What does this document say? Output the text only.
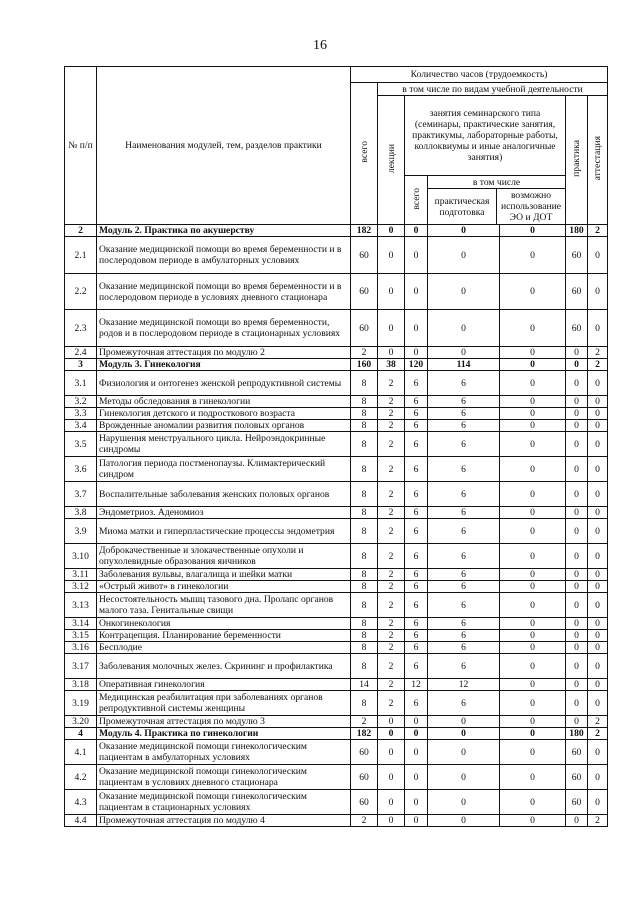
16
№ п/п	Наименования модулей, тем, разделов практики	Количество часов (трудоемкость)
всего	в том числе по видам учебной деятельности
лекции	занятия семинарского типа (семинары, практические занятия, практикумы, лабораторные работы, коллоквиумы и иные аналогичные занятия)	практика	аттестация
всего	
в том числе
практическая подготовка	возможно использование ЭО и ДОТ

2	Модуль 2. Практика по акушерству	182	0	0	0	0	180	2
2.1	Оказание медицинской помощи во время беременности и в послеродовом периоде в амбулаторных условиях	60	0	0	0	0	60	0
2.2	Оказание медицинской помощи во время беременности и в послеродовом периоде в условиях дневного стационара	60	0	0	0	0	60	0
2.3	Оказание медицинской помощи во время беременности, родов и в послеродовом периоде в стационарных условиях	60	0	0	0	0	60	0
2.4	Промежуточная аттестация по модулю 2	2	0	0	0	0	0	2
3	Модуль 3. Гинекология	160	38	120	114	0	0	2
3.1	Физиология и онтогенез женской репродуктивной системы	8	2	6	6	0	0	0
3.2	Методы обследования в гинекологии	8	2	6	6	0	0	0
3.3	Гинекология детского и подросткового возраста	8	2	6	6	0	0	0
3.4	Врожденные аномалии развития половых органов	8	2	6	6	0	0	0
3.5	Нарушения менструального цикла. Нейроэндокринные синдромы	8	2	6	6	0	0	0
3.6	Патология периода постменопаузы. Климактерический синдром	8	2	6	6	0	0	0
3.7	Воспалительные заболевания женских половых органов	8	2	6	6	0	0	0
3.8	Эндометриоз. Аденомиоз	8	2	6	6	0	0	0
3.9	Миома матки и гиперпластические процессы эндометрия	8	2	6	6	0	0	0
3.10	Доброкачественные и злокачественные опухоли и опухолевидные образования яичников	8	2	6	6	0	0	0
3.11	Заболевания вульвы, влагалища и шейки матки	8	2	6	6	0	0	0
3.12	«Острый живот» в гинекологии	8	2	6	6	0	0	0
3.13	Несостоятельность мышц тазового дна. Пролапс органов малого таза. Генитальные свищи	8	2	6	6	0	0	0
3.14	Онкогинекология	8	2	6	6	0	0	0
3.15	Контрацепция. Планирование беременности	8	2	6	6	0	0	0
3.16	Бесплодие	8	2	6	6	0	0	0
3.17	Заболевания молочных желез. Скрининг и профилактика	8	2	6	6	0	0	0
3.18	Оперативная гинекология	14	2	12	12	0	0	0
3.19	Медицинская реабилитация при заболеваниях органов репродуктивной системы женщины	8	2	6	6	0	0	0
3.20	Промежуточная аттестация по модулю 3	2	0	0	0	0	0	2
4	Модуль 4. Практика по гинекологии	182	0	0	0	0	180	2
4.1	Оказание медицинской помощи гинекологическим пациентам в амбулаторных условиях	60	0	0	0	0	60	0
4.2	Оказание медицинской помощи гинекологическим пациентам в условиях дневного стационара	60	0	0	0	0	60	0
4.3	Оказание медицинской помощи гинекологическим пациентам в стационарных условиях	60	0	0	0	0	60	0
4.4	Промежуточная аттестация по модулю 4	2	0	0	0	0	0	2
